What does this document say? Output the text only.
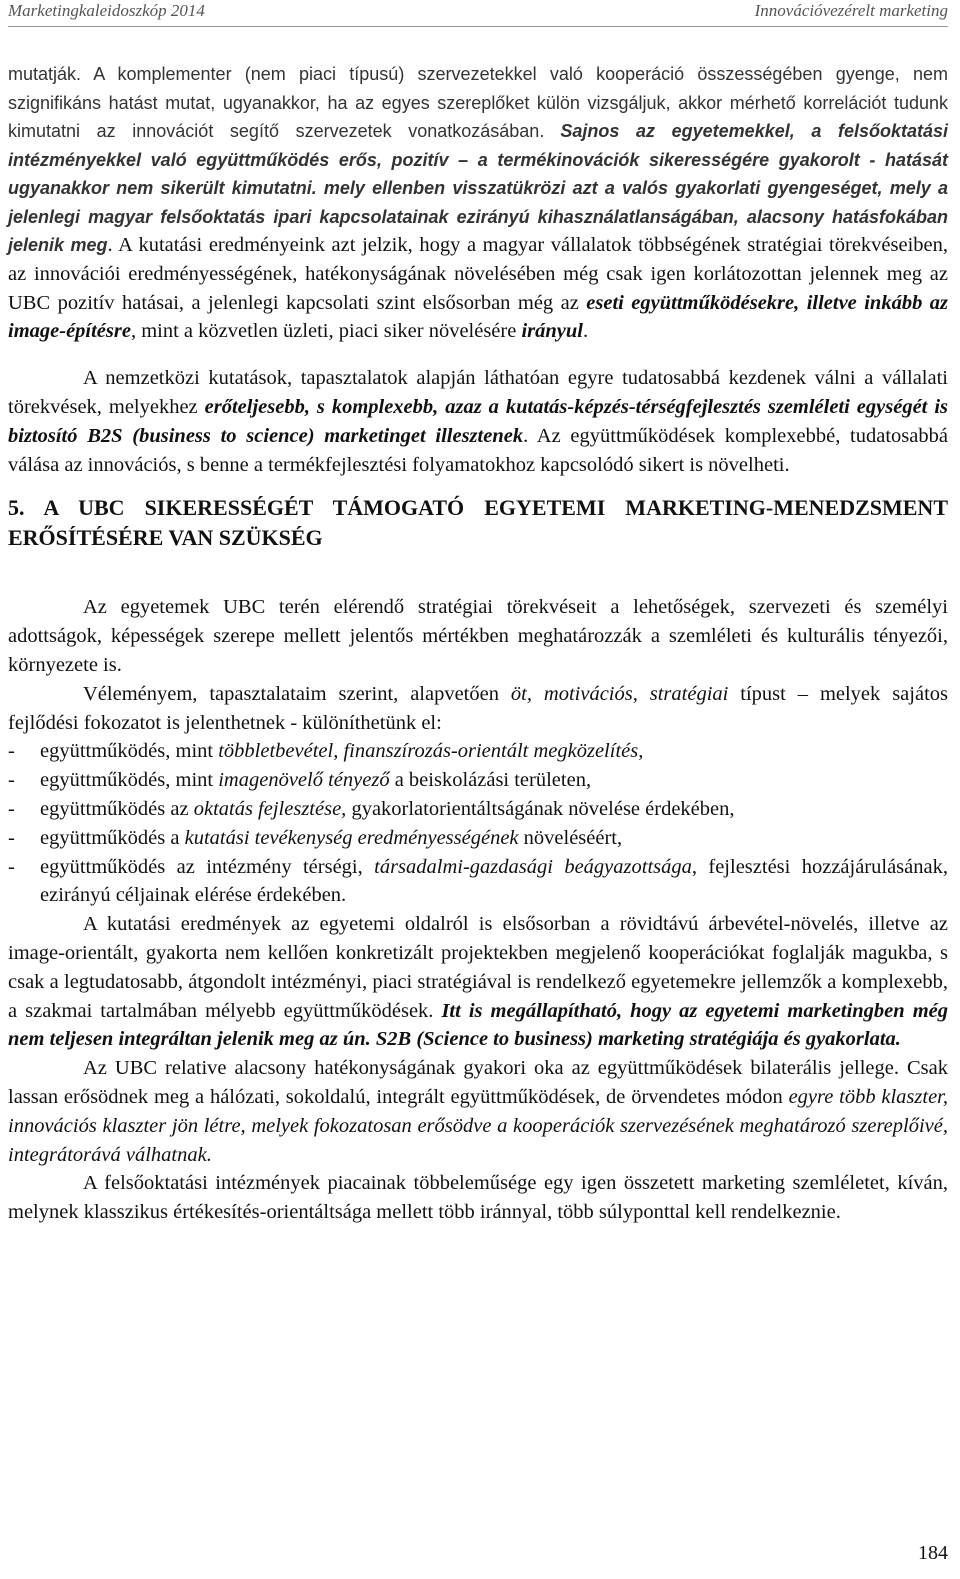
Marketingkaleidoszkóp 2014	Innovációvezérelt marketing

mutatják. A komplementer (nem piaci típusú) szervezetekkel való kooperáció összességében gyenge, nem szignifikáns hatást mutat, ugyanakkor, ha az egyes szereplőket külön vizsgáljuk, akkor mérhető korrelációt tudunk kimutatni az innovációt segítő szervezetek vonatkozásában. Sajnos az egyetemekkel, a felsőoktatási intézményekkel való együttműködés erős, pozitív – a termékinovációk sikerességére gyakorolt - hatását ugyanakkor nem sikerült kimutatni. mely ellenben visszatükrözi azt a valós gyakorlati gyengeséget, mely a jelenlegi magyar felsőoktatás ipari kapcsolatainak ezirányú kihasználatlanságában, alacsony hatásfokában jelenik meg. A kutatási eredményeink azt jelzik, hogy a magyar vállalatok többségének stratégiai törekvéseiben, az innovációi eredményességének, hatékonyságának növelésében még csak igen korlátozottan jelennek meg az UBC pozitív hatásai, a jelenlegi kapcsolati szint elsősorban még az eseti együttműködésekre, illetve inkább az image-építésre, mint a közvetlen üzleti, piaci siker növelésére irányul.

A nemzetközi kutatások, tapasztalatok alapján láthatóan egyre tudatosabbá kezdenek válni a vállalati törekvések, melyekhez erőteljesebb, s komplexebb, azaz a kutatás-képzés-térségfejlesztés szemléleti egységét is biztosító B2S (business to science) marketinget illesztenek. Az együttműködések komplexebbé, tudatosabbá válása az innovációs, s benne a termékfejlesztési folyamatokhoz kapcsolódó sikert is növelheti.

5. A UBC SIKERESSÉGÉT TÁMOGATÓ EGYETEMI MARKETING-MENEDZSMENT ERŐSÍTÉSÉRE VAN SZÜKSÉG

Az egyetemek UBC terén elérendő stratégiai törekvéseit a lehetőségek, szervezeti és személyi adottságok, képességek szerepe mellett jelentős mértékben meghatározzák a szemléleti és kulturális tényezői, környezete is.

Véleményem, tapasztalataim szerint, alapvetően öt, motivációs, stratégiai típust – melyek sajátos fejlődési fokozatot is jelenthetnek - különíthetünk el:

-	együttműködés, mint többletbevétel, finanszírozás-orientált megközelítés,
-	együttműködés, mint imagenövelő tényező a beiskolázási területen,
-	együttműködés az oktatás fejlesztése, gyakorlatorientáltságának növelése érdekében,
-	együttműködés a kutatási tevékenység eredményességének növeléséért,
-	együttműködés az intézmény térségi, társadalmi-gazdasági beágyazottsága, fejlesztési hozzájárulásának, ezirányú céljainak elérése érdekében.

A kutatási eredmények az egyetemi oldalról is elsősorban a rövidtávú árbevétel-növelés, illetve az image-orientált, gyakorta nem kellően konkretizált projektekben megjelenő kooperációkat foglalják magukba, s csak a legtudatosabb, átgondolt intézményi, piaci stratégiával is rendelkező egyetemekre jellemzők a komplexebb, a szakmai tartalmában mélyebb együttműködések. Itt is megállapítható, hogy az egyetemi marketingben még nem teljesen integráltan jelenik meg az ún. S2B (Science to business) marketing stratégiája és gyakorlata.

Az UBC relative alacsony hatékonyságának gyakori oka az együttműködések bilaterális jellege. Csak lassan erősödnek meg a hálózati, sokoldalú, integrált együttműködések, de örvendetes módon egyre több klaszter, innovációs klaszter jön létre, melyek fokozatosan erősödve a kooperációk szervezésének meghatározó szereplőivé, integrátorává válhatnak.

A felsőoktatási intézmények piacainak többeleműsége egy igen összetett marketing szemléletet, kíván, melynek klasszikus értékesítés-orientáltsága mellett több iránnyal, több súlyponttal kell rendelkeznie.

184
